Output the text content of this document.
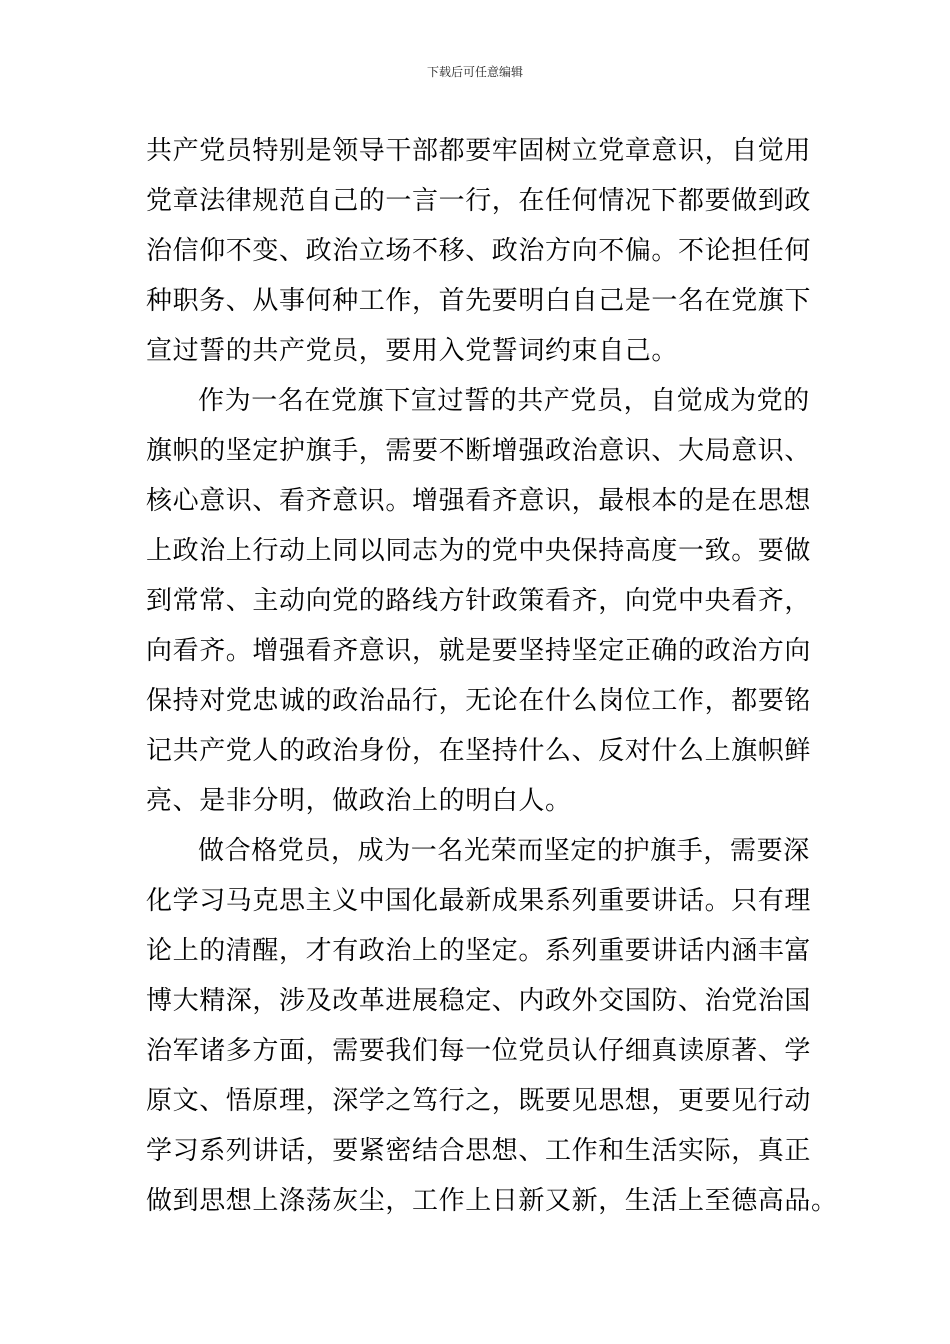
下载后可任意编辑
共产党员特别是领导干部都要牢固树立党章意识，自觉用
党章法律规范自己的一言一行，在任何情况下都要做到政
治信仰不变、政治立场不移、政治方向不偏。不论担任何
种职务、从事何种工作，首先要明白自己是一名在党旗下
宣过誓的共产党员，要用入党誓词约束自己。
作为一名在党旗下宣过誓的共产党员，自觉成为党的
旗帜的坚定护旗手，需要不断增强政治意识、大局意识、
核心意识、看齐意识。增强看齐意识，最根本的是在思想
上政治上行动上同以同志为的党中央保持高度一致。要做
到常常、主动向党的路线方针政策看齐，向党中央看齐，
向看齐。增强看齐意识，就是要坚持坚定正确的政治方向
保持对党忠诚的政治品行，无论在什么岗位工作，都要铭
记共产党人的政治身份，在坚持什么、反对什么上旗帜鲜
亮、是非分明，做政治上的明白人。
做合格党员，成为一名光荣而坚定的护旗手，需要深
化学习马克思主义中国化最新成果系列重要讲话。只有理
论上的清醒，才有政治上的坚定。系列重要讲话内涵丰富
博大精深，涉及改革进展稳定、内政外交国防、治党治国
治军诸多方面，需要我们每一位党员认仔细真读原著、学
原文、悟原理，深学之笃行之，既要见思想，更要见行动
学习系列讲话，要紧密结合思想、工作和生活实际，真正
做到思想上涤荡灰尘，工作上日新又新，生活上至德高品。
